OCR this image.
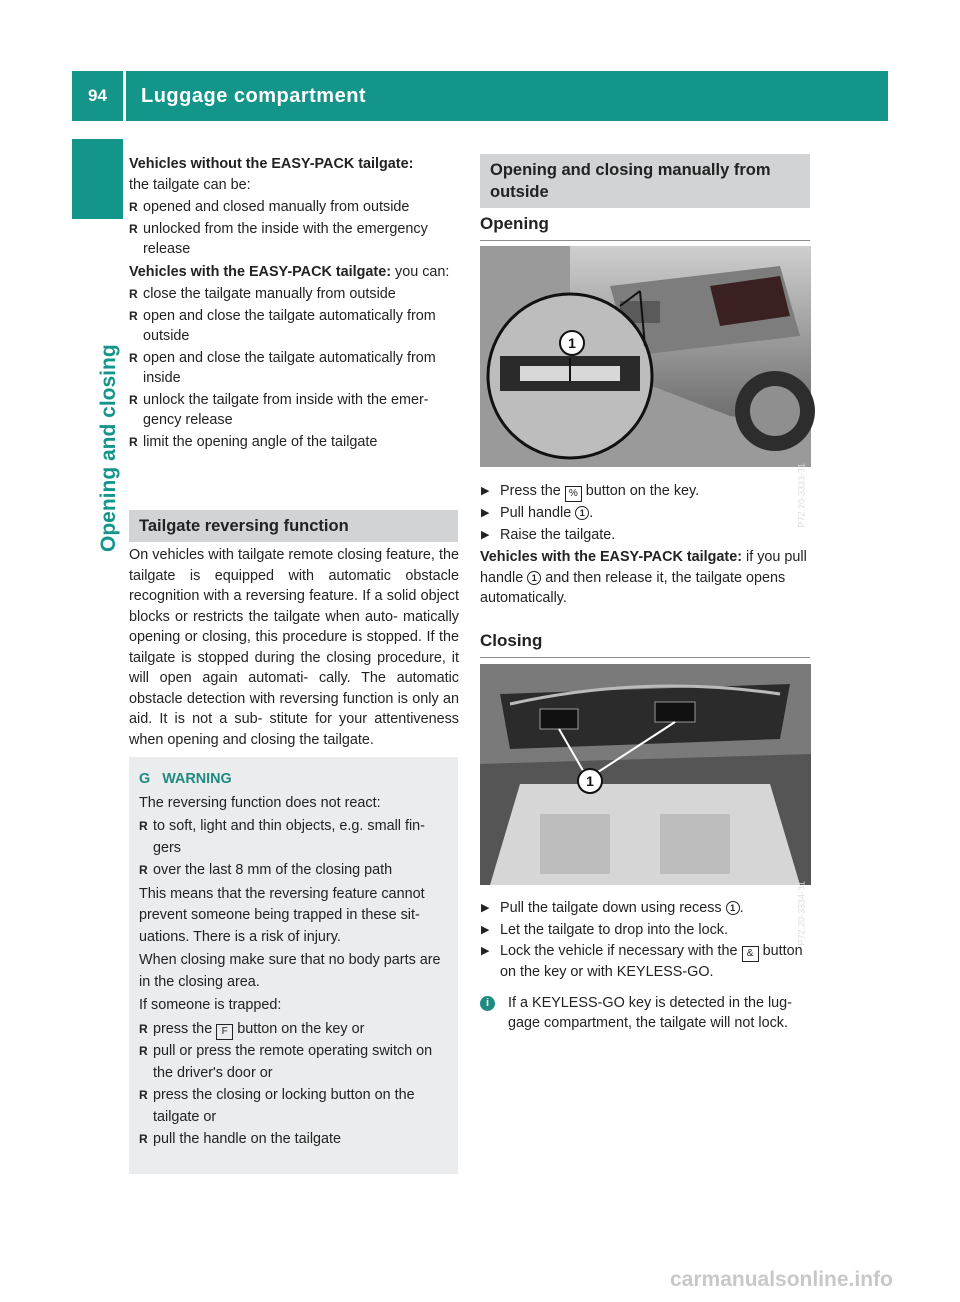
94	Luggage compartment
Opening and closing

Vehicles without the EASY-PACK tailgate:

the tailgate can be:

R opened and closed manually from outside
R unlocked from the inside with the emergency release

Vehicles with the EASY-PACK tailgate: you can:

R close the tailgate manually from outside
R open and close the tailgate automatically from outside
R open and close the tailgate automatically from inside
R unlock the tailgate from inside with the emer- gency release
R limit the opening angle of the tailgate
Tailgate reversing function
On vehicles with tailgate remote closing feature, the tailgate is equipped with automatic obstacle recognition with a reversing feature. If a solid object blocks or restricts the tailgate when auto- matically opening or closing, this procedure is stopped. If the tailgate is stopped during the closing procedure, it will open again automati- cally. The automatic obstacle detection with reversing function is only an aid. It is not a sub- stitute for your attentiveness when opening and closing the tailgate.

G WARNING

The reversing function does not react:

R to soft, light and thin objects, e.g. small fin- gers
R over the last 8 mm of the closing path

This means that the reversing feature cannot prevent someone being trapped in these sit- uations. There is a risk of injury.

When closing make sure that no body parts are in the closing area.

If someone is trapped:

R press the F button on the key or
R pull or press the remote operating switch on the driver's door or
R press the closing or locking button on the tailgate or
R pull the handle on the tailgate
Opening and closing manually from outside
Opening
1
P72.20-3333-31
▶ Press the % button on the key.
▶ Pull handle 1 .
▶ Raise the tailgate.

Vehicles with the EASY-PACK tailgate: if you pull handle 1 and then release it, the tailgate opens automatically.

Closing
1
P72.20-3334-31
▶ Pull the tailgate down using recess 1 .
▶ Let the tailgate to drop into the lock.
▶ Lock the vehicle if necessary with the & button on the key or with KEYLESS-GO.
i	If a KEYLESS-GO key is detected in the lug- gage compartment, the tailgate will not lock.
carmanualsonline.info
